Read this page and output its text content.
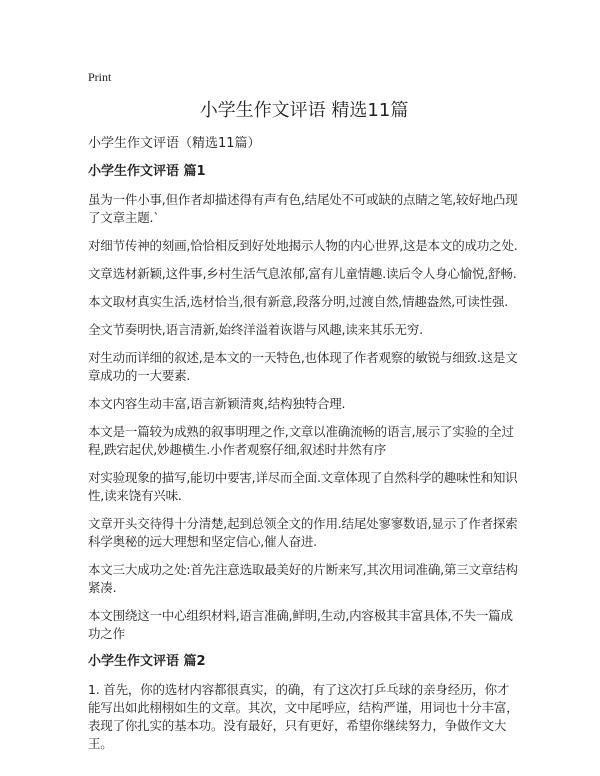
Print
小学生作文评语 精选11篇
小学生作文评语（精选11篇）
小学生作文评语 篇1

虽为一件小事,但作者却描述得有声有色,结尾处不可或缺的点睛之笔,较好地凸现了文章主题.`

对细节传神的刻画,恰恰相反到好处地揭示人物的内心世界,这是本文的成功之处.

文章选材新颖,这件事,乡村生活气息浓郁,富有儿童情趣.读后令人身心愉悦,舒畅.

本文取材真实生活,选材恰当,很有新意,段落分明,过渡自然,情趣盎然,可读性强.

全文节奏明快,语言清新,始终洋溢着诙谐与风趣,读来其乐无穷.

对生动而详细的叙述,是本文的一天特色,也体现了作者观察的敏锐与细致.这是文章成功的一大要素.

本文内容生动丰富,语言新颖清爽,结构独特合理.

本文是一篇较为成熟的叙事明理之作,文章以准确流畅的语言,展示了实验的全过程,跌宕起伏,妙趣横生.小作者观察仔细,叙述时井然有序

对实验现象的描写,能切中要害,详尽而全面.文章体现了自然科学的趣味性和知识性,读来饶有兴味.

文章开头交待得十分清楚,起到总领全文的作用.结尾处寥寥数语,显示了作者探索科学奥秘的远大理想和坚定信心,催人奋进.

本文三大成功之处:首先注意选取最美好的片断来写,其次用词准确,第三文章结构紧凑.

本文围绕这一中心组织材料,语言准确,鲜明,生动,内容极其丰富具体,不失一篇成功之作

小学生作文评语 篇2

1. 首先，你的选材内容都很真实，的确，有了这次打乒乓球的亲身经历，你才能写出如此栩栩如生的文章。其次，文中尾呼应，结构严谨，用词也十分丰富，表现了你扎实的基本功。没有最好，只有更好，希望你继续努力，争做作文大王。
